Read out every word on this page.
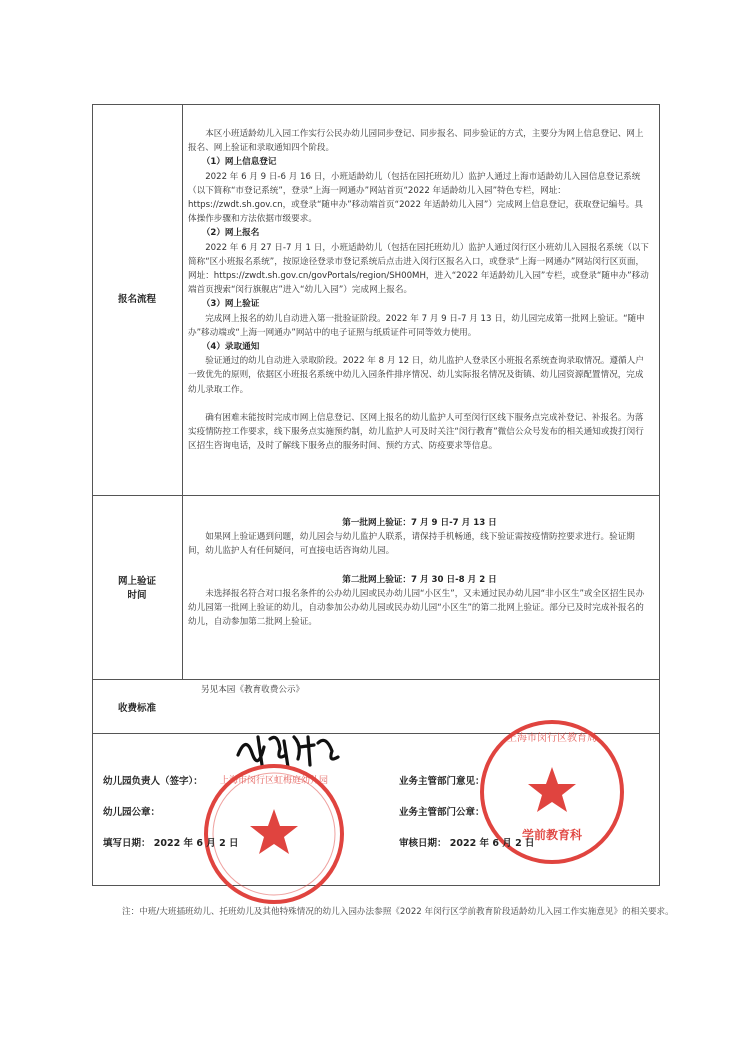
报名流程

本区小班适龄幼儿入园工作实行公民办幼儿园同步登记、同步报名、同步验证的方式，主要分为网上信息登记、网上报名、网上验证和录取通知四个阶段。

（1）网上信息登记

2022 年 6 月 9 日-6 月 16 日，小班适龄幼儿（包括在园托班幼儿）监护人通过上海市适龄幼儿入园信息登记系统（以下简称“市登记系统”，登录“上海一网通办”网站首页“2022 年适龄幼儿入园”特色专栏，网址：https://zwdt.sh.gov.cn，或登录“随申办”移动端首页“2022 年适龄幼儿入园”）完成网上信息登记，获取登记编号。具体操作步骤和方法依据市级要求。

（2）网上报名

2022 年 6 月 27 日-7 月 1 日，小班适龄幼儿（包括在园托班幼儿）监护人通过闵行区小班幼儿入园报名系统（以下简称“区小班报名系统”，按原途径登录市登记系统后点击进入闵行区报名入口，或登录“上海一网通办”网站闵行区页面，网址：https://zwdt.sh.gov.cn/govPortals/region/SH00MH，进入“2022 年适龄幼儿入园”专栏，或登录“随申办”移动端首页搜索“闵行旗舰店”进入“幼儿入园”）完成网上报名。

（3）网上验证

完成网上报名的幼儿自动进入第一批验证阶段。2022 年 7 月 9 日-7 月 13 日，幼儿园完成第一批网上验证。“随申办”移动端或“上海一网通办”网站中的电子证照与纸质证件可同等效力使用。

（4）录取通知

验证通过的幼儿自动进入录取阶段。2022 年 8 月 12 日，幼儿监护人登录区小班报名系统查询录取情况。遵循人户一致优先的原则，依据区小班报名系统中幼儿入园条件排序情况、幼儿实际报名情况及街镇、幼儿园资源配置情况，完成幼儿录取工作。

确有困难未能按时完成市网上信息登记、区网上报名的幼儿监护人可至闵行区线下服务点完成补登记、补报名。为落实疫情防控工作要求，线下服务点实施预约制，幼儿监护人可及时关注“闵行教育”微信公众号发布的相关通知或拨打闵行区招生咨询电话，及时了解线下服务点的服务时间、预约方式、防疫要求等信息。

网上验证
时间

第一批网上验证：7 月 9 日-7 月 13 日

如果网上验证遇到问题，幼儿园会与幼儿监护人联系，请保持手机畅通，线下验证需按疫情防控要求进行。验证期间，幼儿监护人有任何疑问，可直接电话咨询幼儿园。

第二批网上验证：7 月 30 日-8 月 2 日

未选择报名符合对口报名条件的公办幼儿园或民办幼儿园“小区生”，又未通过民办幼儿园“非小区生”或全区招生民办幼儿园第一批网上验证的幼儿，自动参加公办幼儿园或民办幼儿园“小区生”的第二批网上验证。部分已及时完成补报名的幼儿，自动参加第二批网上验证。

收费标准
另见本园《教育收费公示》
上海市闵行区虹梅庭幼儿园
上海市闵行区教育局
学前教育科
幼儿园负责人（签字）：
幼儿园公章：
填写日期： 2022 年 6 月 2 日
业务主管部门意见：
业务主管部门公章：
审核日期： 2022 年 6 月 2 日
注：中班/大班插班幼儿、托班幼儿及其他特殊情况的幼儿入园办法参照《2022 年闵行区学前教育阶段适龄幼儿入园工作实施意见》的相关要求。
